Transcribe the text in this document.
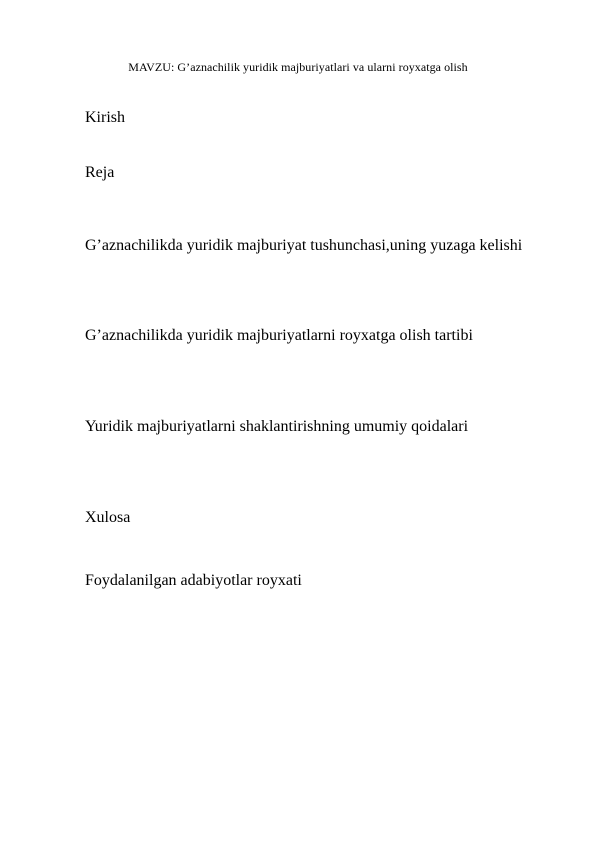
MAVZU: G’aznachilik yuridik majburiyatlari va ularni royxatga olish

Kirish

Reja

G’aznachilikda yuridik majburiyat tushunchasi,uning yuzaga kelishi

G’aznachilikda yuridik majburiyatlarni royxatga olish tartibi

Yuridik majburiyatlarni shaklantirishning umumiy qoidalari

Xulosa

Foydalanilgan adabiyotlar royxati
